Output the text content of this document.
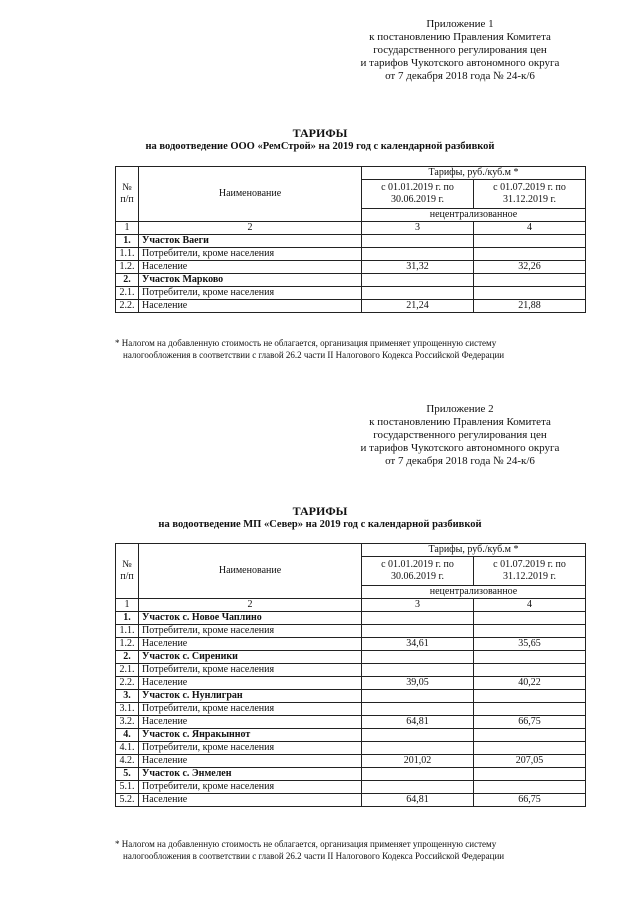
Приложение 1
к постановлению Правления Комитета
государственного регулирования цен
и тарифов Чукотского автономного округа
от 7 декабря 2018 года № 24-к/6
ТАРИФЫ
на водоотведение ООО «РемСтрой» на 2019 год с календарной разбивкой
№ п/п	Наименование	Тарифы, руб./куб.м *	
		с 01.01.2019 г. по 30.06.2019 г.	с 01.07.2019 г. по 31.12.2019 г.
		нецентрализованное	
1	2	3	4
1.	Участок Ваеги		
1.1.	Потребители, кроме населения		
1.2.	Население	31,32	32,26
2.	Участок Марково		
2.1.	Потребители, кроме населения		
2.2.	Население	21,24	21,88
* Налогом на добавленную стоимость не облагается, организация применяет упрощенную систему
налогообложения в соответствии с главой 26.2 части II Налогового Кодекса Российской Федерации
Приложение 2
к постановлению Правления Комитета
государственного регулирования цен
и тарифов Чукотского автономного округа
от 7 декабря 2018 года № 24-к/6
ТАРИФЫ
на водоотведение МП «Север» на 2019 год с календарной разбивкой
№ п/п	Наименование	Тарифы, руб./куб.м *	
		с 01.01.2019 г. по 30.06.2019 г.	с 01.07.2019 г. по 31.12.2019 г.
		нецентрализованное	
1	2	3	4
1.	Участок с. Новое Чаплино		
1.1.	Потребители, кроме населения		
1.2.	Население	34,61	35,65
2.	Участок с. Сиреники		
2.1.	Потребители, кроме населения		
2.2.	Население	39,05	40,22
3.	Участок с. Нунлигран		
3.1.	Потребители, кроме населения		
3.2.	Население	64,81	66,75
4.	Участок с. Янракыннот		
4.1.	Потребители, кроме населения		
4.2.	Население	201,02	207,05
5.	Участок с. Энмелен		
5.1.	Потребители, кроме населения		
5.2.	Население	64,81	66,75
* Налогом на добавленную стоимость не облагается, организация применяет упрощенную систему
налогообложения в соответствии с главой 26.2 части II Налогового Кодекса Российской Федерации
